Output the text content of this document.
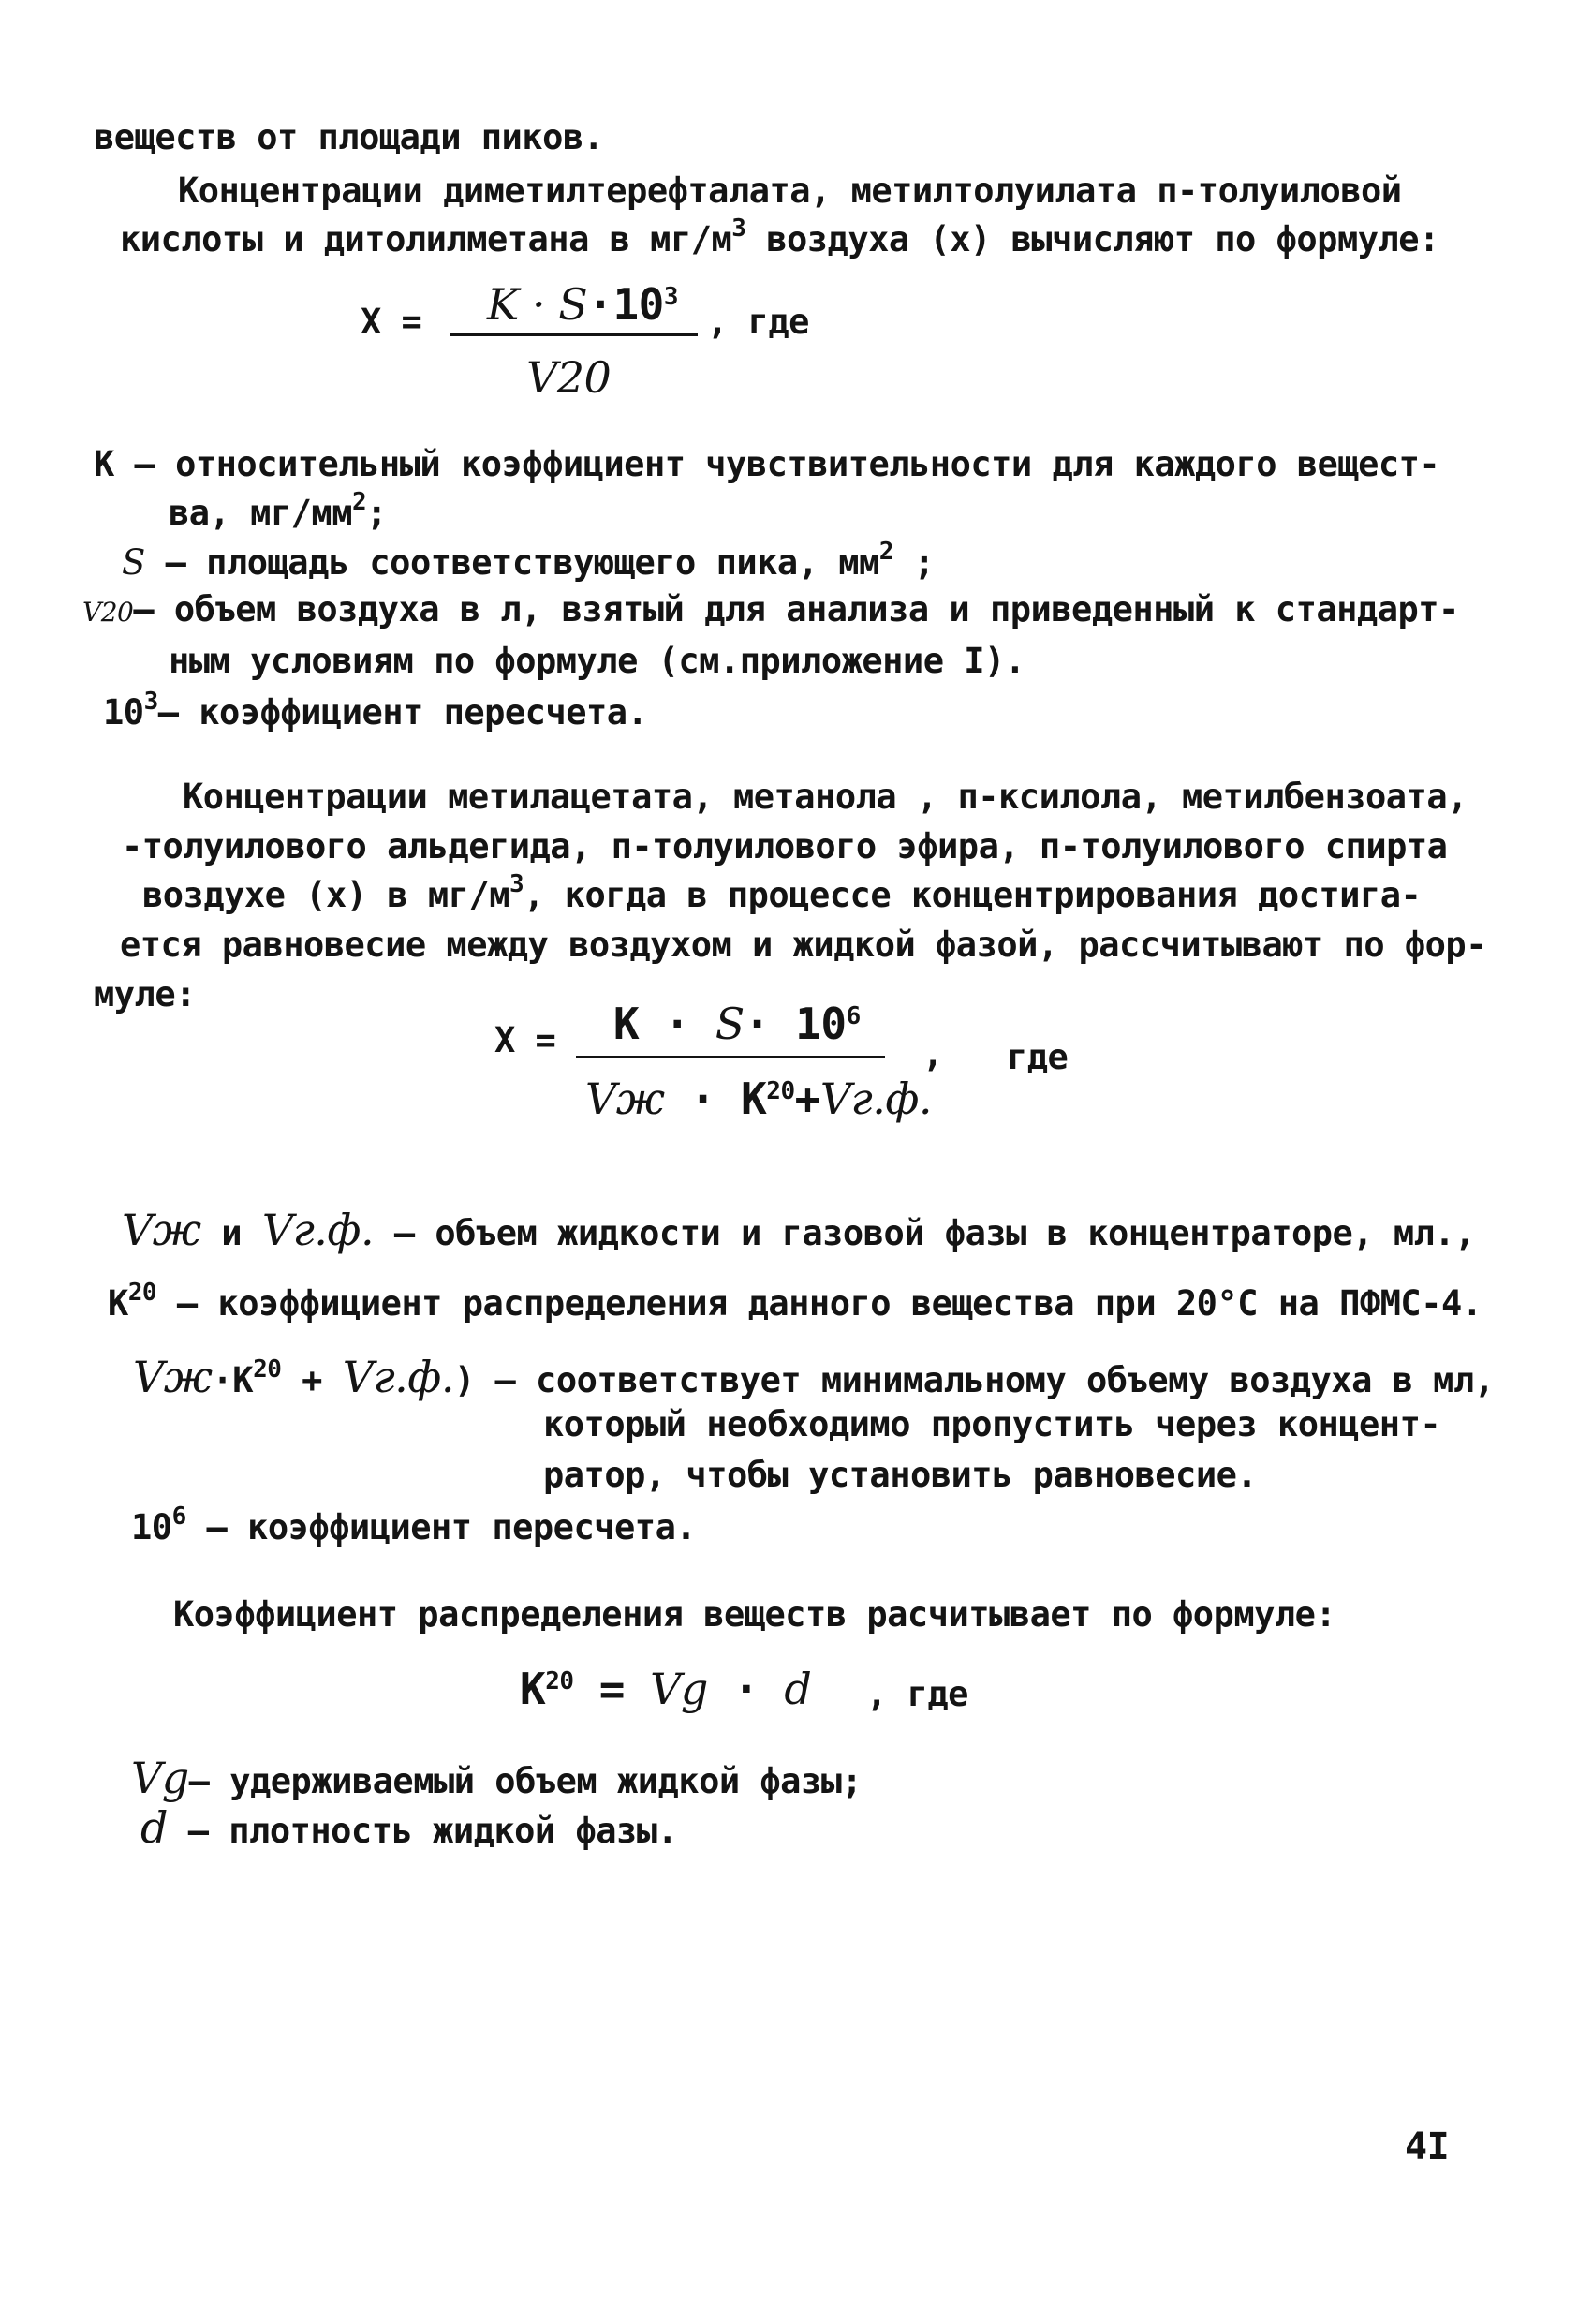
веществ от площади пиков.
Концентрации диметилтерефталата, метилтолуилата п-толуиловой
кислоты и дитолилметана в $мг/м^3$ воздуха (x) вычисляют по формуле:
$X = K \cdot S\cdot 10^3$
, где
V20
K – относительный коэффициент чувствительности для каждого вещест-
ва, $мг/мм^2$;
S – площадь соответствующего пика, $мм^2$ ;
V20– объем воздуха в л, взятый для анализа и приведенный к стандарт-
ным условиям по формуле (см.приложение I).
$10^3-$ коэффициент пересчета.
Концентрации метилацетата, метанола , п-ксилола, метилбензоата,
-толуилового альдегида, п-толуилового эфира, п-толуилового спирта
воздухе (x) в $мг/м^3$, когда в процессе концентрирования достига-
ется равновесие между воздухом и жидкой фазой, рассчитывают по фор-
муле:
$X = K \cdot S\cdot 10^6$
, где
Vж · $K^{20}+Vг.ф$.
Vж и Vг.ф. – объем жидкости и газовой фазы в концентраторе, мл.,
$K^{20}$ – коэффициент распределения данного вещества при 20°C на ПФМС-4.
$Vж\cdot K^{20} + Vг.ф$.) – соответствует минимальному объему воздуха в мл,
который необходимо пропустить через концент-
ратор, чтобы установить равновесие.
$10^6$ – коэффициент пересчета.
Коэффициент распределения веществ расчитывает по формуле:
$K^{20} = Vg \cdot d$ , где
Vg– удерживаемый объем жидкой фазы;
d – плотность жидкой фазы.
4I
